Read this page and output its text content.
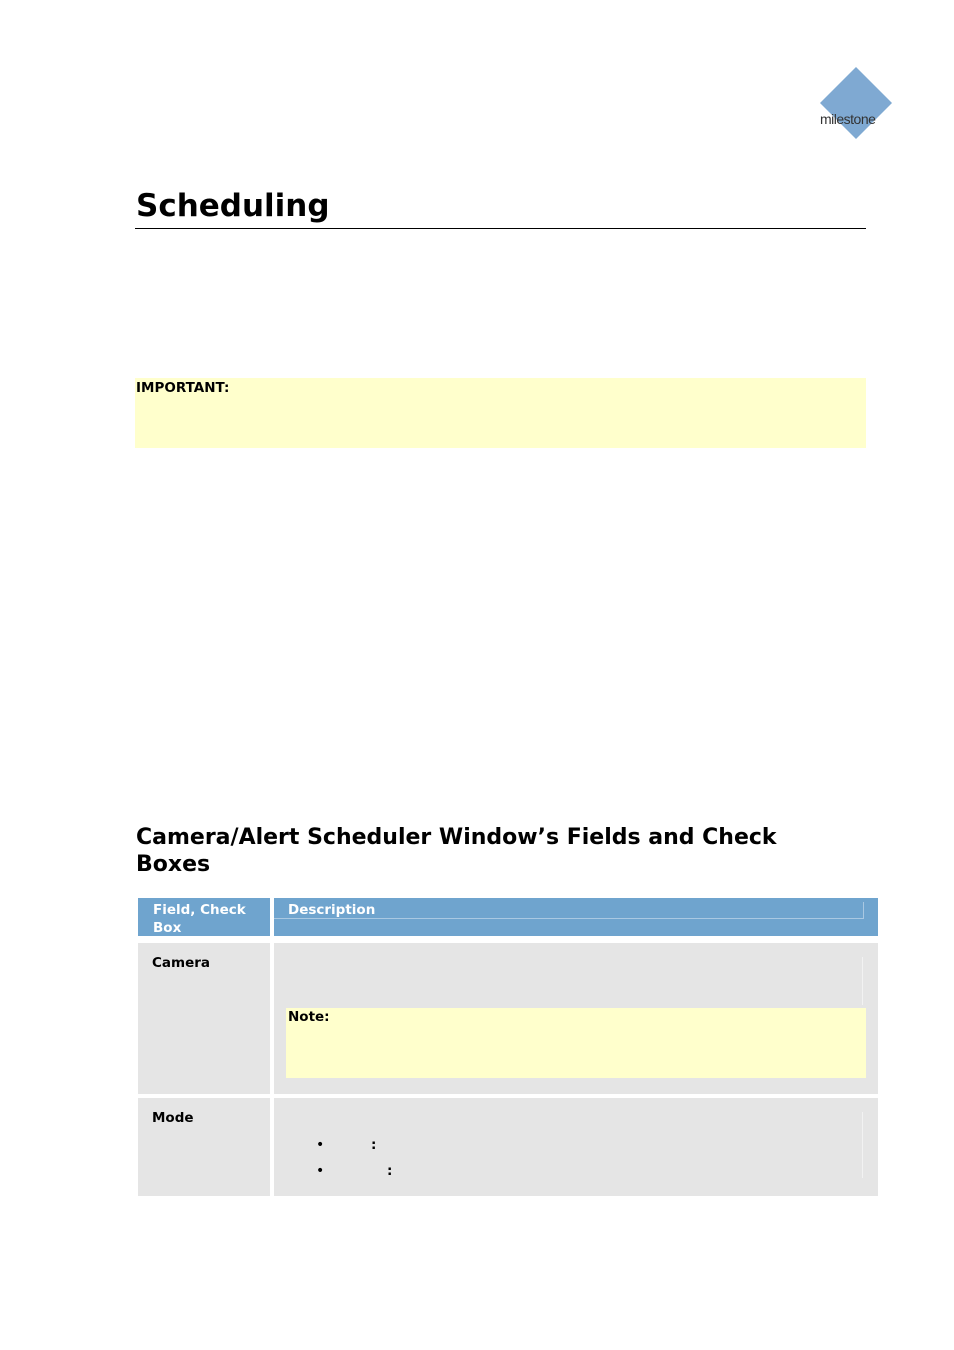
milestone
Scheduling
IMPORTANT:
Camera/Alert Scheduler Window’s Fields and Check Boxes
Field, Check Box
Description
Camera
Note:
Mode
•	:
•	:
